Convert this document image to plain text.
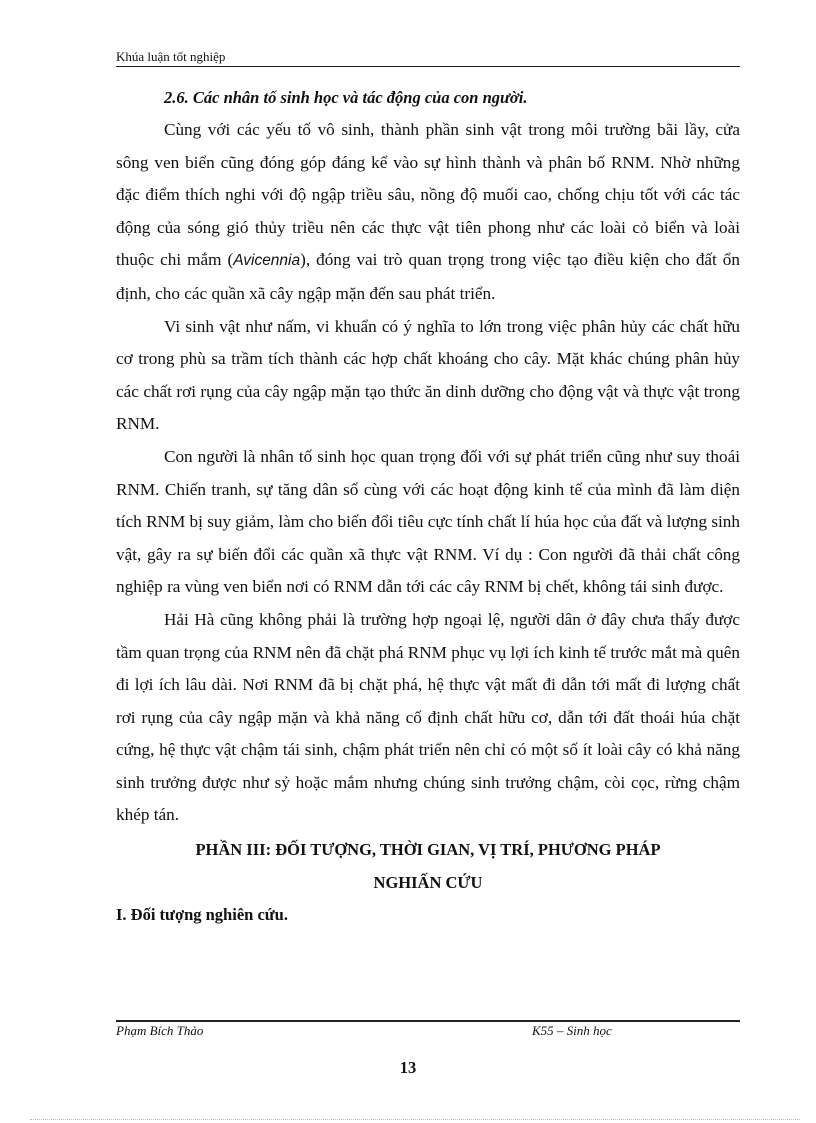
Khúa luận tốt nghiệp

2.6. Các nhân tố sinh học và tác động của con người.

Cùng với các yếu tố vô sinh, thành phần sinh vật trong môi trường bãi lầy, cửa sông ven biển cũng đóng góp đáng kể vào sự hình thành và phân bố RNM. Nhờ những đặc điểm thích nghi với độ ngập triều sâu, nồng độ muối cao, chống chịu tốt với các tác động của sóng gió thủy triều nên các thực vật tiên phong như các loài cỏ biển và loài thuộc chi mắm (Avicennia), đóng vai trò quan trọng trong việc tạo điều kiện cho đất ổn định, cho các quần xã cây ngập mặn đến sau phát triển.

Vi sinh vật như nấm, vi khuẩn có ý nghĩa to lớn trong việc phân hủy các chất hữu cơ trong phù sa trầm tích thành các hợp chất khoáng cho cây. Mặt khác chúng phân hủy các chất rơi rụng của cây ngập mặn tạo thức ăn dinh dưỡng cho động vật và thực vật trong RNM.

Con người là nhân tố sinh học quan trọng đối với sự phát triển cũng như suy thoái RNM. Chiến tranh, sự tăng dân số cùng với các hoạt động kinh tế của mình đã làm diện tích RNM bị suy giảm, làm cho biến đổi tiêu cực tính chất lí húa học của đất và lượng sinh vật, gây ra sự biến đổi các quần xã thực vật RNM. Ví dụ : Con người đã thải chất công nghiệp ra vùng ven biển nơi có RNM dẫn tới các cây RNM bị chết, không tái sinh được.

Hải Hà cũng không phải là trường hợp ngoại lệ, người dân ở đây chưa thấy được tầm quan trọng của RNM nên đã chặt phá RNM phục vụ lợi ích kinh tế trước mắt mà quên đi lợi ích lâu dài. Nơi RNM đã bị chặt phá, hệ thực vật mất đi dẫn tới mất đi lượng chất rơi rụng của cây ngập mặn và khả năng cố định chất hữu cơ, dẫn tới đất thoái húa chặt cứng, hệ thực vật chậm tái sinh, chậm phát triển nên chỉ có một số ít loài cây có khả năng sinh trưởng được như sỷ hoặc mắm nhưng chúng sinh trưởng chậm, còi cọc, rừng chậm khép tán.

PHẦN III: ĐỐI TƯỢNG, THỜI GIAN, VỊ TRÍ, PHƯƠNG PHÁP
NGHIẤN CỨU

I. Đối tượng nghiên cứu.

Phạm Bích Thảo	K55 – Sinh học
13
